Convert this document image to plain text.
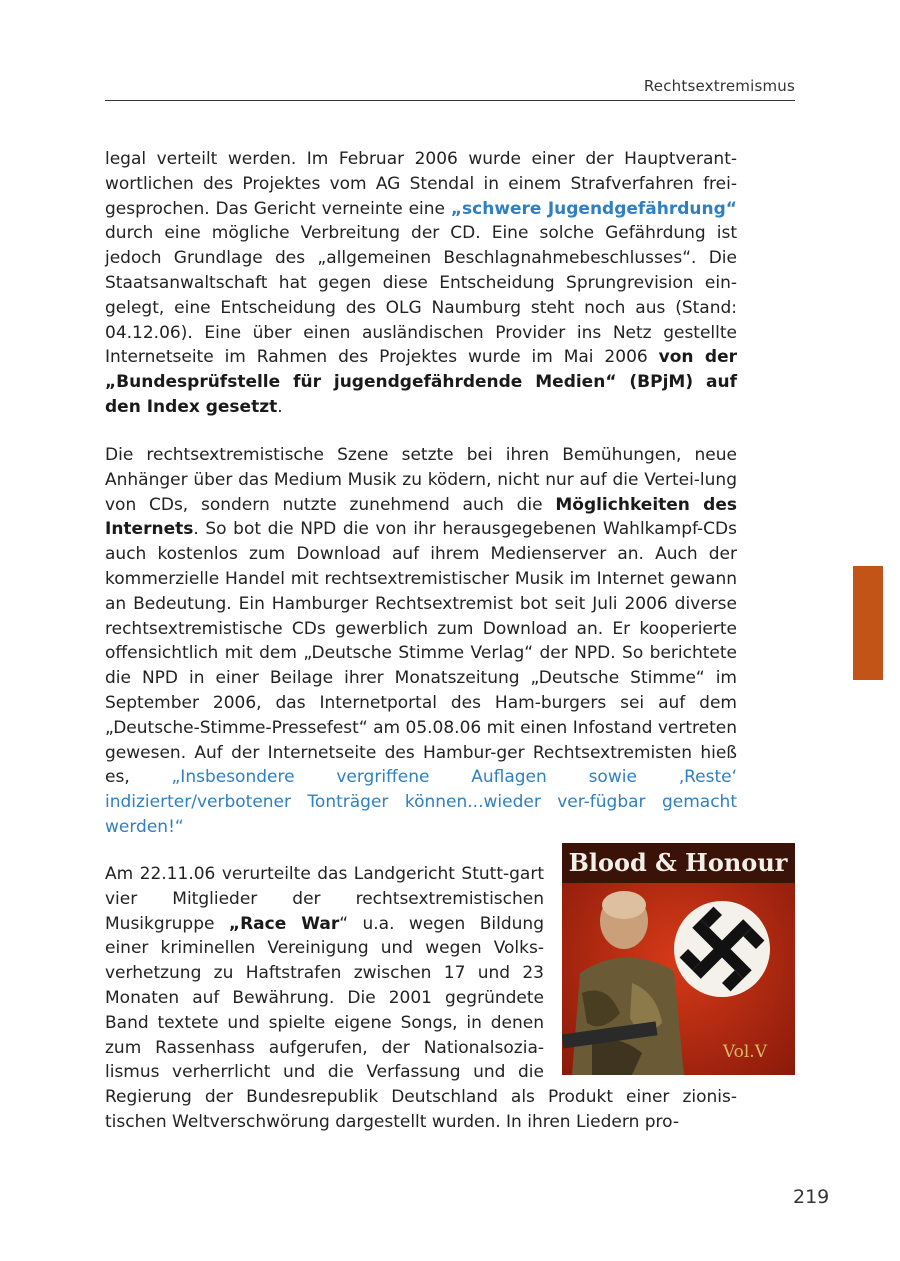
Rechtsextremismus

legal verteilt werden. Im Februar 2006 wurde einer der Hauptverant-wortlichen des Projektes vom AG Stendal in einem Strafverfahren frei-gesprochen. Das Gericht verneinte eine „schwere Jugendgefährdung“ durch eine mögliche Verbreitung der CD. Eine solche Gefährdung ist jedoch Grundlage des „allgemeinen Beschlagnahmebeschlusses“. Die Staatsanwaltschaft hat gegen diese Entscheidung Sprungrevision ein-gelegt, eine Entscheidung des OLG Naumburg steht noch aus (Stand: 04.12.06). Eine über einen ausländischen Provider ins Netz gestellte Internetseite im Rahmen des Projektes wurde im Mai 2006 von der „Bundesprüfstelle für jugendgefährdende Medien“ (BPjM) auf den Index gesetzt.

Die rechtsextremistische Szene setzte bei ihren Bemühungen, neue Anhänger über das Medium Musik zu ködern, nicht nur auf die Vertei-lung von CDs, sondern nutzte zunehmend auch die Möglichkeiten des Internets. So bot die NPD die von ihr herausgegebenen Wahlkampf-CDs auch kostenlos zum Download auf ihrem Medienserver an. Auch der kommerzielle Handel mit rechtsextremistischer Musik im Internet gewann an Bedeutung. Ein Hamburger Rechtsextremist bot seit Juli 2006 diverse rechtsextremistische CDs gewerblich zum Download an. Er kooperierte offensichtlich mit dem „Deutsche Stimme Verlag“ der NPD. So berichtete die NPD in einer Beilage ihrer Monatszeitung „Deutsche Stimme“ im September 2006, das Internetportal des Ham-burgers sei auf dem „Deutsche-Stimme-Pressefest“ am 05.08.06 mit einen Infostand vertreten gewesen. Auf der Internetseite des Hambur-ger Rechtsextremisten hieß es, „Insbesondere vergriffene Auflagen sowie ‚Reste‘ indizierter/verbotener Tonträger können...wieder ver-fügbar gemacht werden!“

Blood & Honour
Vol.V

Am 22.11.06 verurteilte das Landgericht Stutt-gart vier Mitglieder der rechtsextremistischen Musikgruppe „Race War“ u.a. wegen Bildung einer kriminellen Vereinigung und wegen Volks-verhetzung zu Haftstrafen zwischen 17 und 23 Monaten auf Bewährung. Die 2001 gegründete Band textete und spielte eigene Songs, in denen zum Rassenhass aufgerufen, der Nationalsozia-lismus verherrlicht und die Verfassung und die Regierung der Bundesrepublik Deutschland als Produkt einer zionis-tischen Weltverschwörung dargestellt wurden. In ihren Liedern pro-

219
